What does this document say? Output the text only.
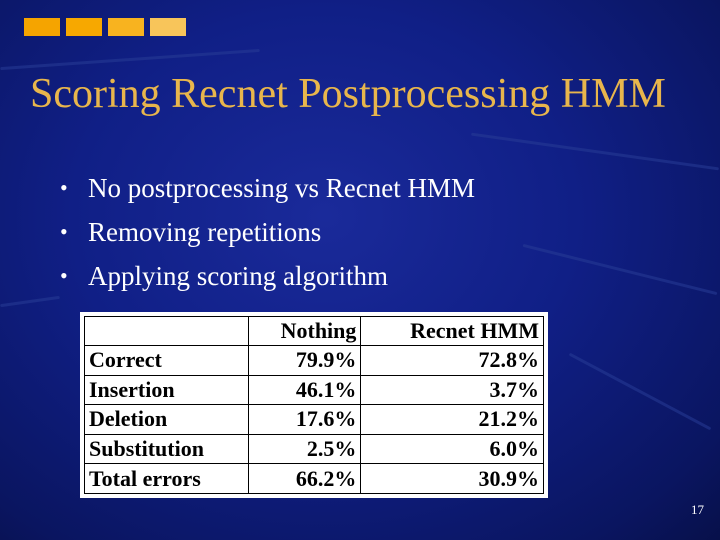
Scoring Recnet Postprocessing HMM
• No postprocessing vs Recnet HMM
• Removing repetitions
• Applying scoring algorithm
	Nothing	Recnet HMM
Correct	79.9%	72.8%
Insertion	46.1%	3.7%
Deletion	17.6%	21.2%
Substitution	2.5%	6.0%
Total errors	66.2%	30.9%
17
